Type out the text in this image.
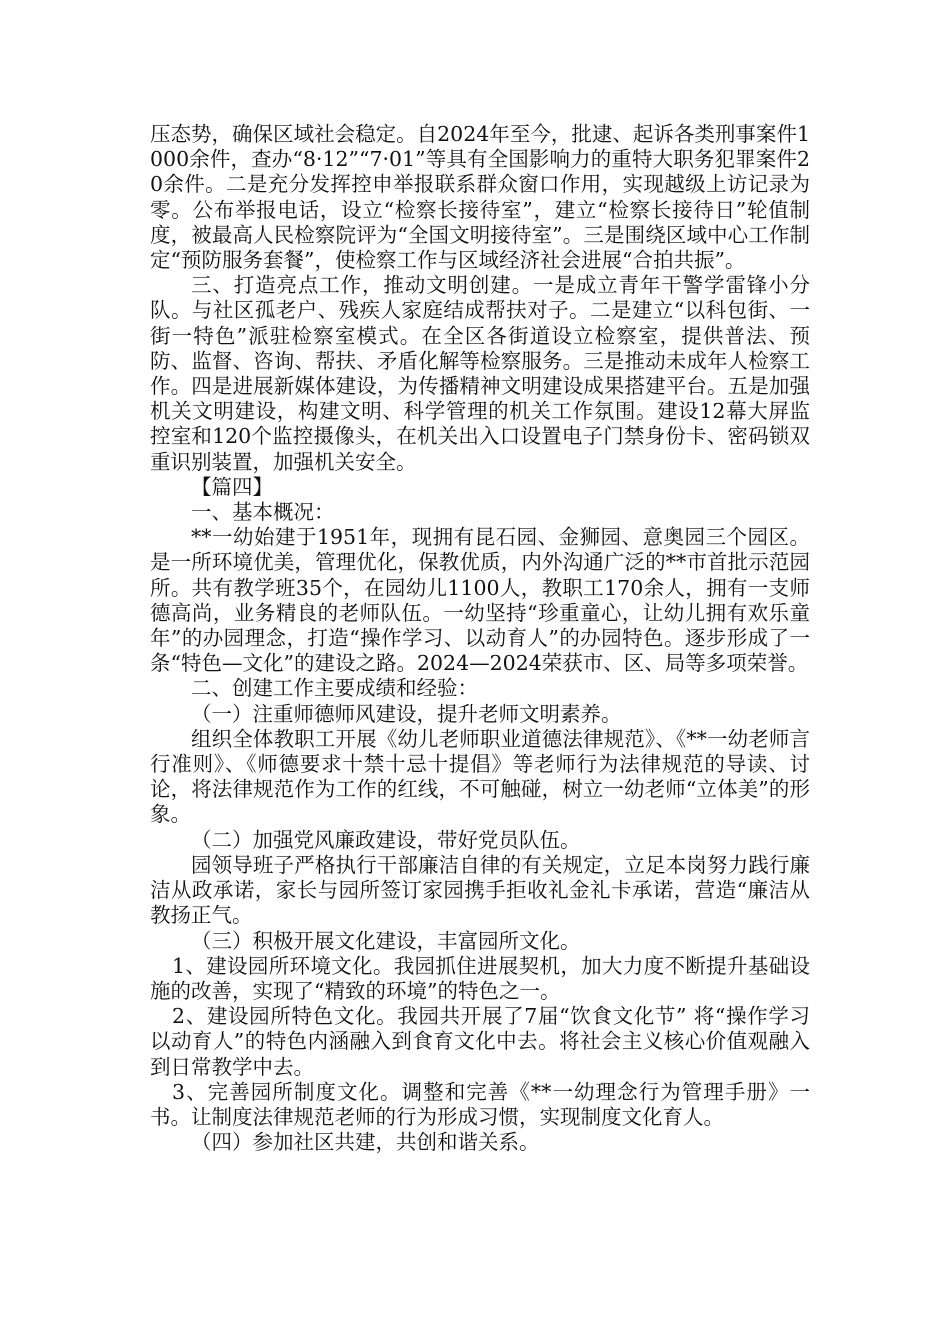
压态势，确保区域社会稳定。自2024年至今，批逮、起诉各类刑事案件1000余件，查办“8·12”“7·01”等具有全国影响力的重特大职务犯罪案件20余件。二是充分发挥控申举报联系群众窗口作用，实现越级上访记录为零。公布举报电话，设立“检察长接待室”，建立“检察长接待日”轮值制度，被最高人民检察院评为“全国文明接待室”。三是围绕区域中心工作制定“预防服务套餐”，使检察工作与区域经济社会进展“合拍共振”。

三、打造亮点工作，推动文明创建。一是成立青年干警学雷锋小分队。与社区孤老户、残疾人家庭结成帮扶对子。二是建立“以科包街、一街一特色”派驻检察室模式。在全区各街道设立检察室，提供普法、预防、监督、咨询、帮扶、矛盾化解等检察服务。三是推动未成年人检察工作。四是进展新媒体建设，为传播精神文明建设成果搭建平台。五是加强机关文明建设，构建文明、科学管理的机关工作氛围。建设12幕大屏监控室和120个监控摄像头，在机关出入口设置电子门禁身份卡、密码锁双重识别装置，加强机关安全。

【篇四】

一、基本概况：

**一幼始建于1951年，现拥有昆石园、金狮园、意奥园三个园区。是一所环境优美，管理优化，保教优质，内外沟通广泛的**市首批示范园所。共有教学班35个，在园幼儿1100人，教职工170余人，拥有一支师德高尚，业务精良的老师队伍。一幼坚持“珍重童心，让幼儿拥有欢乐童年”的办园理念，打造“操作学习、以动育人”的办园特色。逐步形成了一条“特色—文化”的建设之路。2024—2024荣获市、区、局等多项荣誉。

二、创建工作主要成绩和经验：

（一）注重师德师风建设，提升老师文明素养。

组织全体教职工开展《幼儿老师职业道德法律规范》、《**一幼老师言行准则》、《师德要求十禁十忌十提倡》等老师行为法律规范的导读、讨论，将法律规范作为工作的红线，不可触碰，树立一幼老师“立体美”的形象。

（二）加强党风廉政建设，带好党员队伍。

园领导班子严格执行干部廉洁自律的有关规定，立足本岗努力践行廉洁从政承诺，家长与园所签订家园携手拒收礼金礼卡承诺，营造“廉洁从教扬正气。

（三）积极开展文化建设，丰富园所文化。

1、建设园所环境文化。我园抓住进展契机，加大力度不断提升基础设施的改善，实现了“精致的环境”的特色之一。

2、建设园所特色文化。我园共开展了7届“饮食文化节” 将“操作学习 以动育人”的特色内涵融入到食育文化中去。将社会主义核心价值观融入到日常教学中去。

3、完善园所制度文化。调整和完善《**一幼理念行为管理手册》一书。让制度法律规范老师的行为形成习惯，实现制度文化育人。

（四）参加社区共建，共创和谐关系。
